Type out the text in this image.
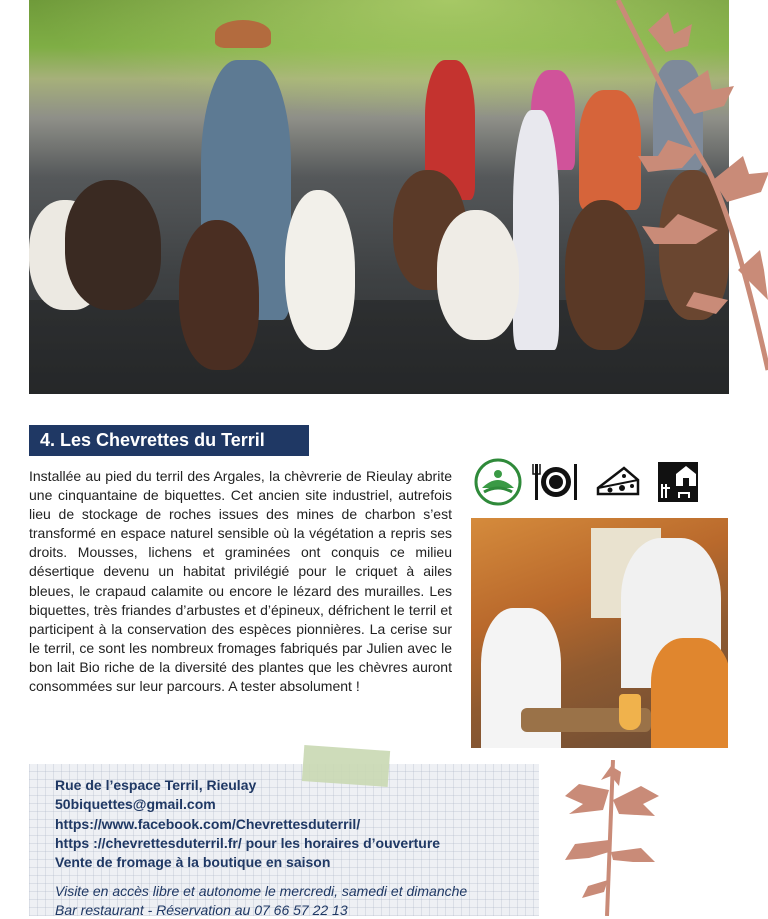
4. Les Chevrettes du Terril

Installée au pied du terril des Argales, la chèvrerie de Rieulay abrite une cinquantaine de biquettes. Cet ancien site industriel, autrefois lieu de stockage de roches issues des mines de charbon s’est transformé en espace naturel sensible où la végétation a repris ses droits. Mousses, lichens et graminées ont conquis ce milieu désertique devenu un habitat privilégié pour le criquet à ailes bleues, le crapaud calamite ou encore le lézard des murailles. Les biquettes, très friandes d’arbustes et d’épineux, défrichent le terril et participent à la conservation des espèces pionnières. La cerise sur le terril, ce sont les nombreux fromages fabriqués par Julien avec le bon lait Bio riche de la diversité des plantes que les chèvres auront consommées sur leur parcours. A tester absolument !

Rue de l’espace Terril, Rieulay
50biquettes@gmail.com
https://www.facebook.com/Chevrettesduterril/
https ://chevrettesduterril.fr/ pour les horaires d’ouverture
Vente de fromage à la boutique en saison
Visite en accès libre et autonome le mercredi, samedi et dimanche
Bar restaurant - Réservation au 07 66 57 22 13
